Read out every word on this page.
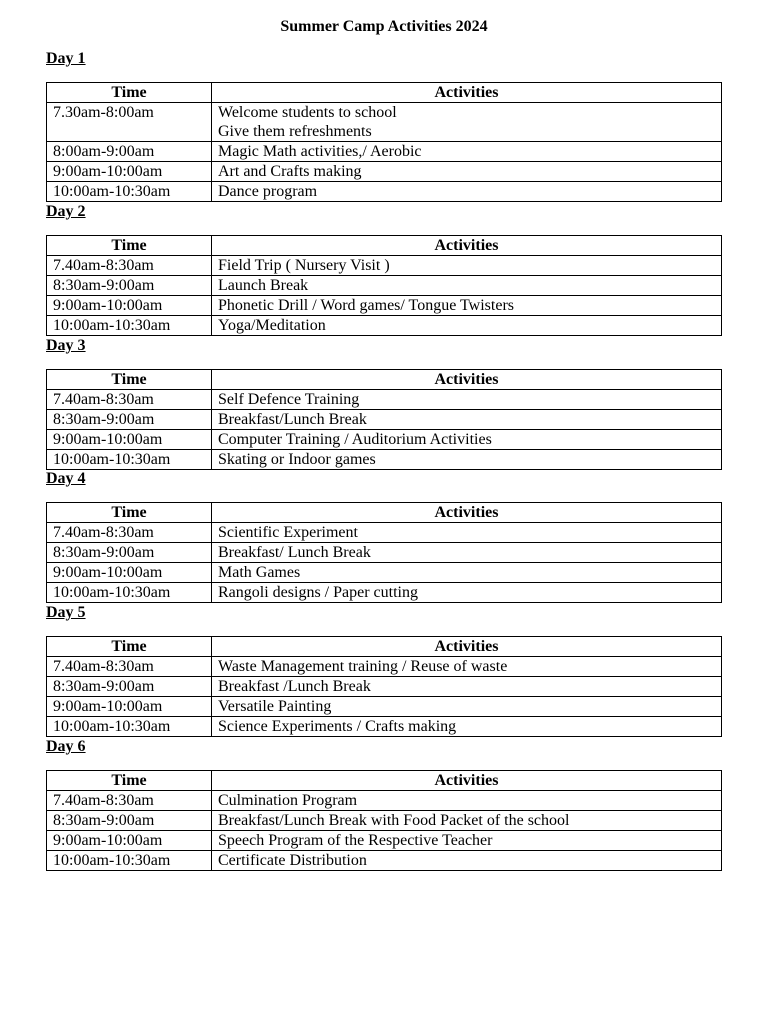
Summer Camp Activities 2024
Day 1
Time	Activities
7.30am-8:00am	Welcome students to school
Give them refreshments

8:00am-9:00am	Magic Math activities,/ Aerobic

9:00am-10:00am	Art and Crafts making

10:00am-10:30am	Dance program
Day 2
Time	Activities
7.40am-8:30am	Field Trip ( Nursery Visit )

8:30am-9:00am	Launch Break

9:00am-10:00am	Phonetic Drill / Word games/ Tongue Twisters

10:00am-10:30am	Yoga/Meditation
Day 3
Time	Activities
7.40am-8:30am	Self Defence Training

8:30am-9:00am	Breakfast/Lunch Break

9:00am-10:00am	Computer Training / Auditorium Activities

10:00am-10:30am	Skating or Indoor games
Day 4
Time	Activities
7.40am-8:30am	Scientific Experiment

8:30am-9:00am	Breakfast/ Lunch Break

9:00am-10:00am	Math Games

10:00am-10:30am	Rangoli designs / Paper cutting
Day 5
Time	Activities
7.40am-8:30am	Waste Management training / Reuse of waste

8:30am-9:00am	Breakfast /Lunch Break

9:00am-10:00am	Versatile Painting

10:00am-10:30am	Science Experiments / Crafts making
Day 6
Time	Activities
7.40am-8:30am	Culmination Program

8:30am-9:00am	Breakfast/Lunch Break with Food Packet of the school

9:00am-10:00am	Speech Program of the Respective Teacher

10:00am-10:30am	Certificate Distribution
